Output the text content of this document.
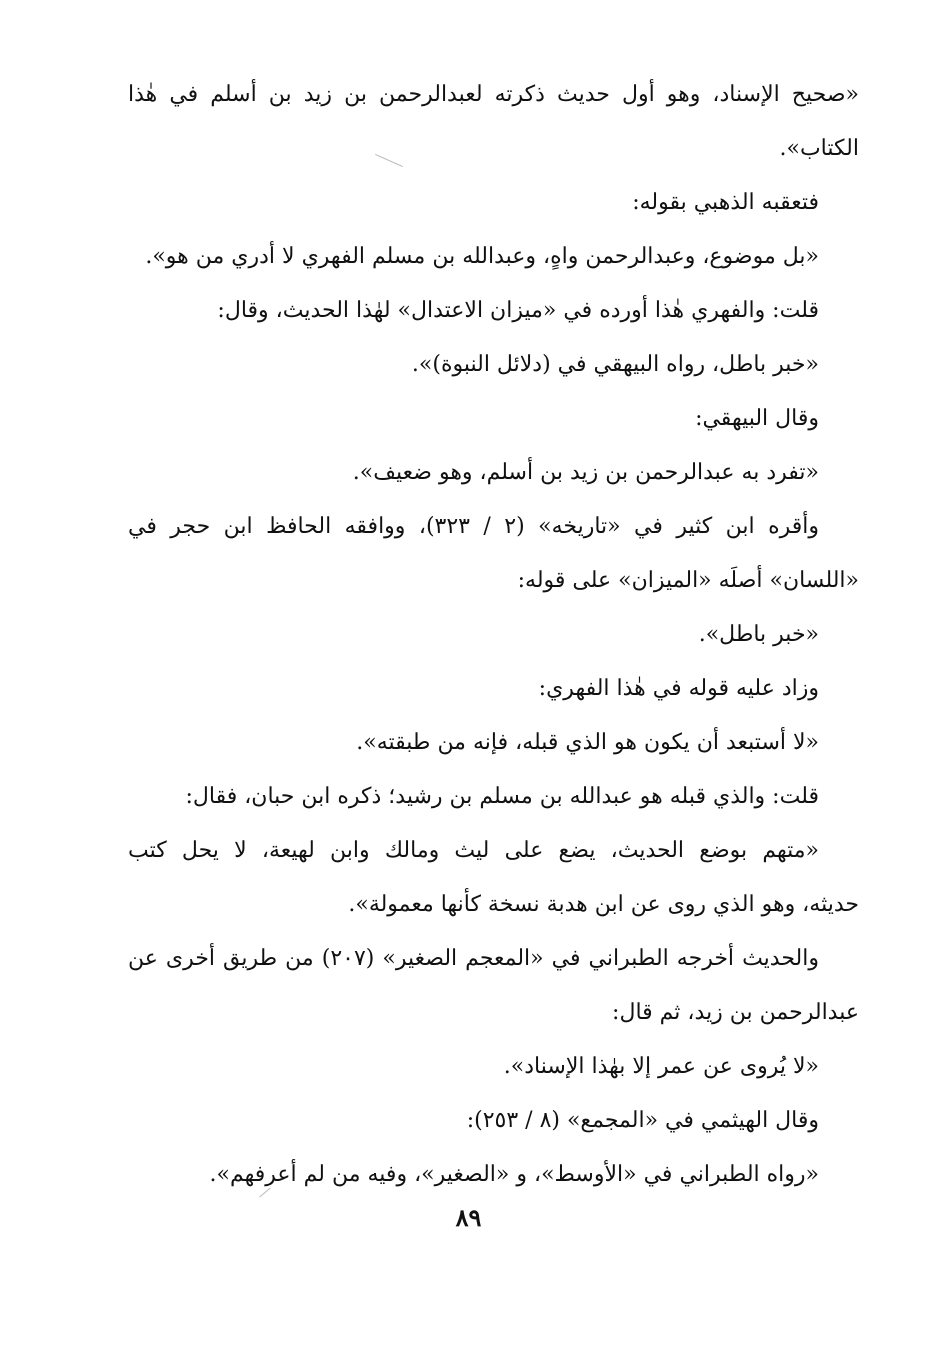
«صحيح الإسناد، وهو أول حديث ذكرته لعبدالرحمن بن زيد بن أسلم في هٰذا
الكتاب».
فتعقبه الذهبي بقوله:
«بل موضوع، وعبدالرحمن واهٍ، وعبدالله بن مسلم الفهري لا أدري من هو».
قلت: والفهري هٰذا أورده في «ميزان الاعتدال» لهٰذا الحديث، وقال:
«خبر باطل، رواه البيهقي في (دلائل النبوة)».
وقال البيهقي:
«تفرد به عبدالرحمن بن زيد بن أسلم، وهو ضعيف».
وأقره ابن كثير في «تاريخه» (٢ / ٣٢٣)، ووافقه الحافظ ابن حجر في
«اللسان» أصلَه «الميزان» على قوله:
«خبر باطل».
وزاد عليه قوله في هٰذا الفهري:
«لا أستبعد أن يكون هو الذي قبله، فإنه من طبقته».
قلت: والذي قبله هو عبدالله بن مسلم بن رشيد؛ ذكره ابن حبان، فقال:
«متهم بوضع الحديث، يضع على ليث ومالك وابن لهيعة، لا يحل كتب
حديثه، وهو الذي روى عن ابن هدبة نسخة كأنها معمولة».
والحديث أخرجه الطبراني في «المعجم الصغير» (٢٠٧) من طريق أخرى عن
عبدالرحمن بن زيد، ثم قال:
«لا يُروى عن عمر إلا بهٰذا الإسناد».
وقال الهيثمي في «المجمع» (٨ / ٢٥٣):
«رواه الطبراني في «الأوسط»، و «الصغير»، وفيه من لم أعرفهم».
٨٩
